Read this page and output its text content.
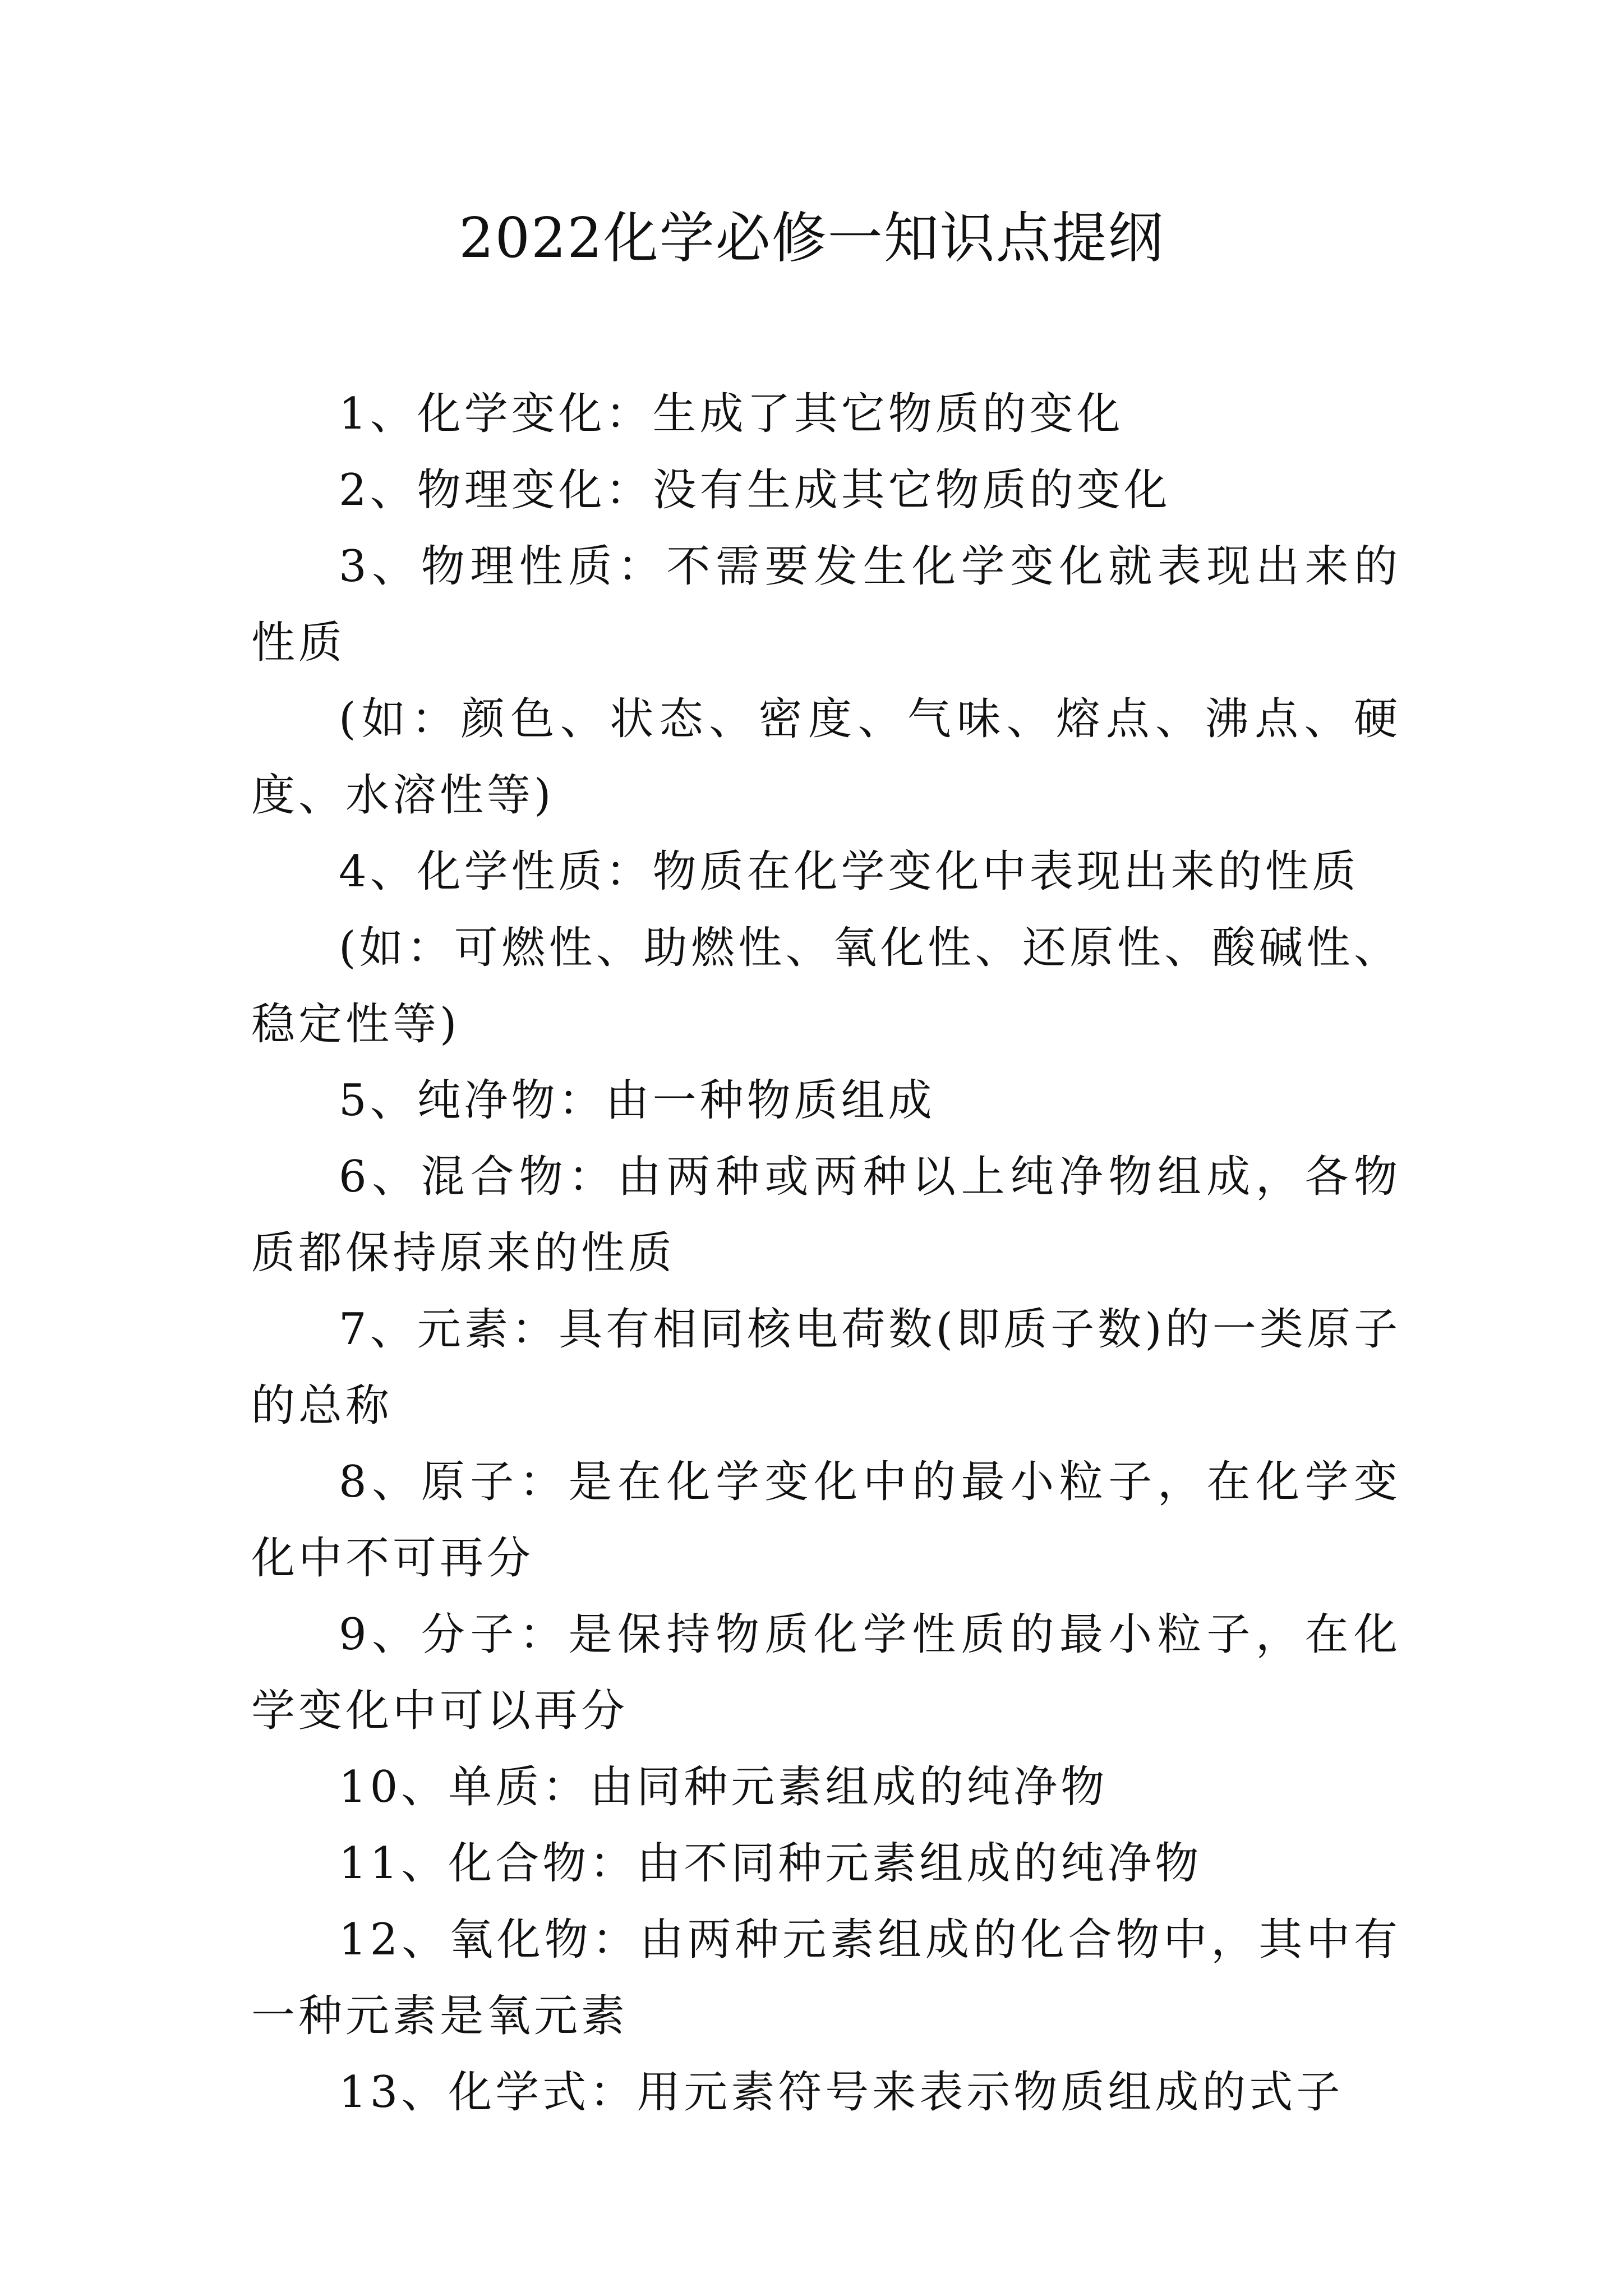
2022化学必修一知识点提纲

1、化学变化：生成了其它物质的变化

2、物理变化：没有生成其它物质的变化

3、物理性质：不需要发生化学变化就表现出来的性质

(如：颜色、状态、密度、气味、熔点、沸点、硬度、水溶性等)

4、化学性质：物质在化学变化中表现出来的性质

(如：可燃性、助燃性、氧化性、还原性、酸碱性、稳定性等)

5、纯净物：由一种物质组成

6、混合物：由两种或两种以上纯净物组成，各物质都保持原来的性质

7、元素：具有相同核电荷数(即质子数)的一类原子的总称

8、原子：是在化学变化中的最小粒子，在化学变化中不可再分

9、分子：是保持物质化学性质的最小粒子，在化学变化中可以再分

10、单质：由同种元素组成的纯净物

11、化合物：由不同种元素组成的纯净物

12、氧化物：由两种元素组成的化合物中，其中有一种元素是氧元素

13、化学式：用元素符号来表示物质组成的式子
